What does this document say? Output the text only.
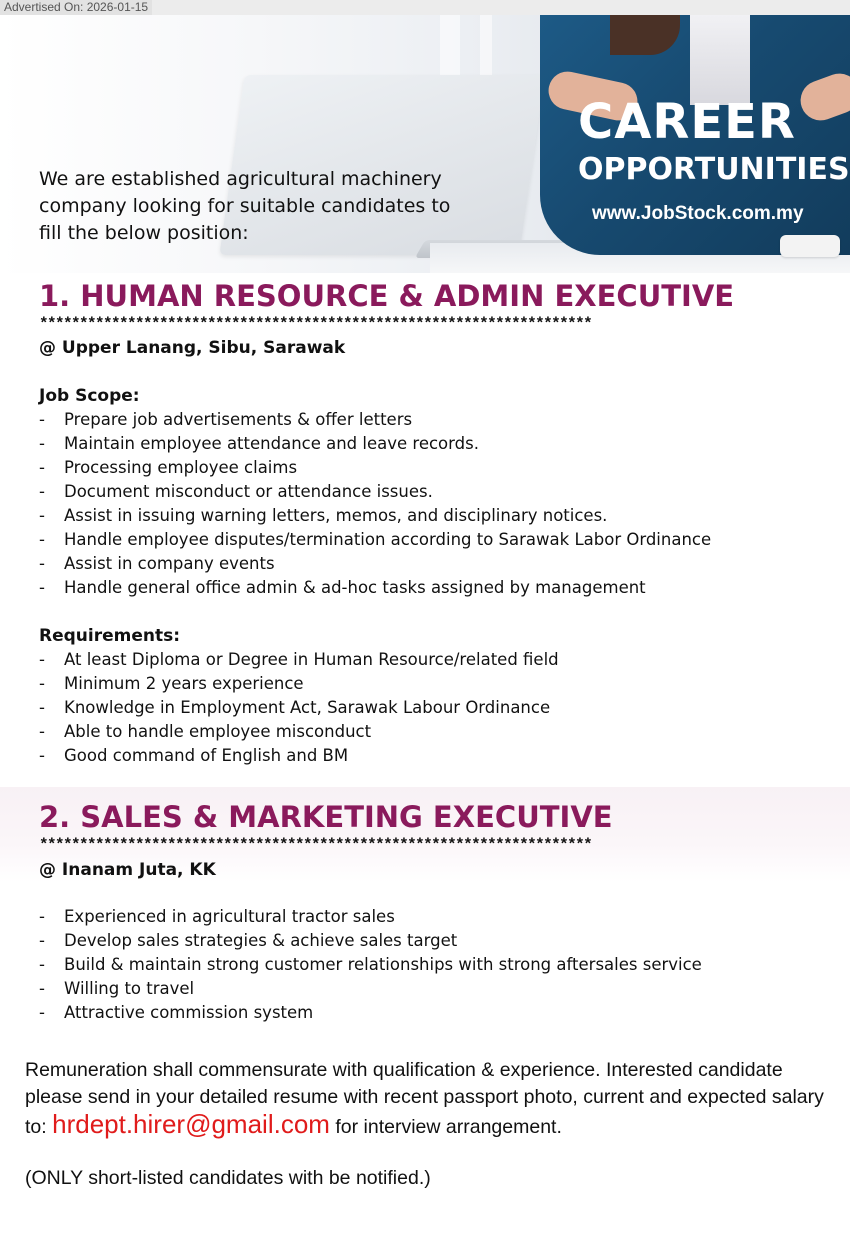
Advertised On: 2026-01-15
CAREER
OPPORTUNITIES
www.JobStock.com.my
We are established agricultural machinery company looking for suitable candidates to fill the below position:
1. HUMAN RESOURCE & ADMIN EXECUTIVE
*********************************************************************
@ Upper Lanang, Sibu, Sarawak
Job Scope:
- Prepare job advertisements & offer letters
- Maintain employee attendance and leave records.
- Processing employee claims
- Document misconduct or attendance issues.
- Assist in issuing warning letters, memos, and disciplinary notices.
- Handle employee disputes/termination according to Sarawak Labor Ordinance
- Assist in company events
- Handle general office admin & ad-hoc tasks assigned by management
Requirements:
- At least Diploma or Degree in Human Resource/related field
- Minimum 2 years experience
- Knowledge in Employment Act, Sarawak Labour Ordinance
- Able to handle employee misconduct
- Good command of English and BM
2. SALES & MARKETING EXECUTIVE
*********************************************************************
@ Inanam Juta, KK
- Experienced in agricultural tractor sales
- Develop sales strategies & achieve sales target
- Build & maintain strong customer relationships with strong aftersales service
- Willing to travel
- Attractive commission system
Remuneration shall commensurate with qualification & experience. Interested candidate please send in your detailed resume with recent passport photo, current and expected salary to: hrdept.hirer@gmail.com for interview arrangement.
(ONLY short-listed candidates with be notified.)
